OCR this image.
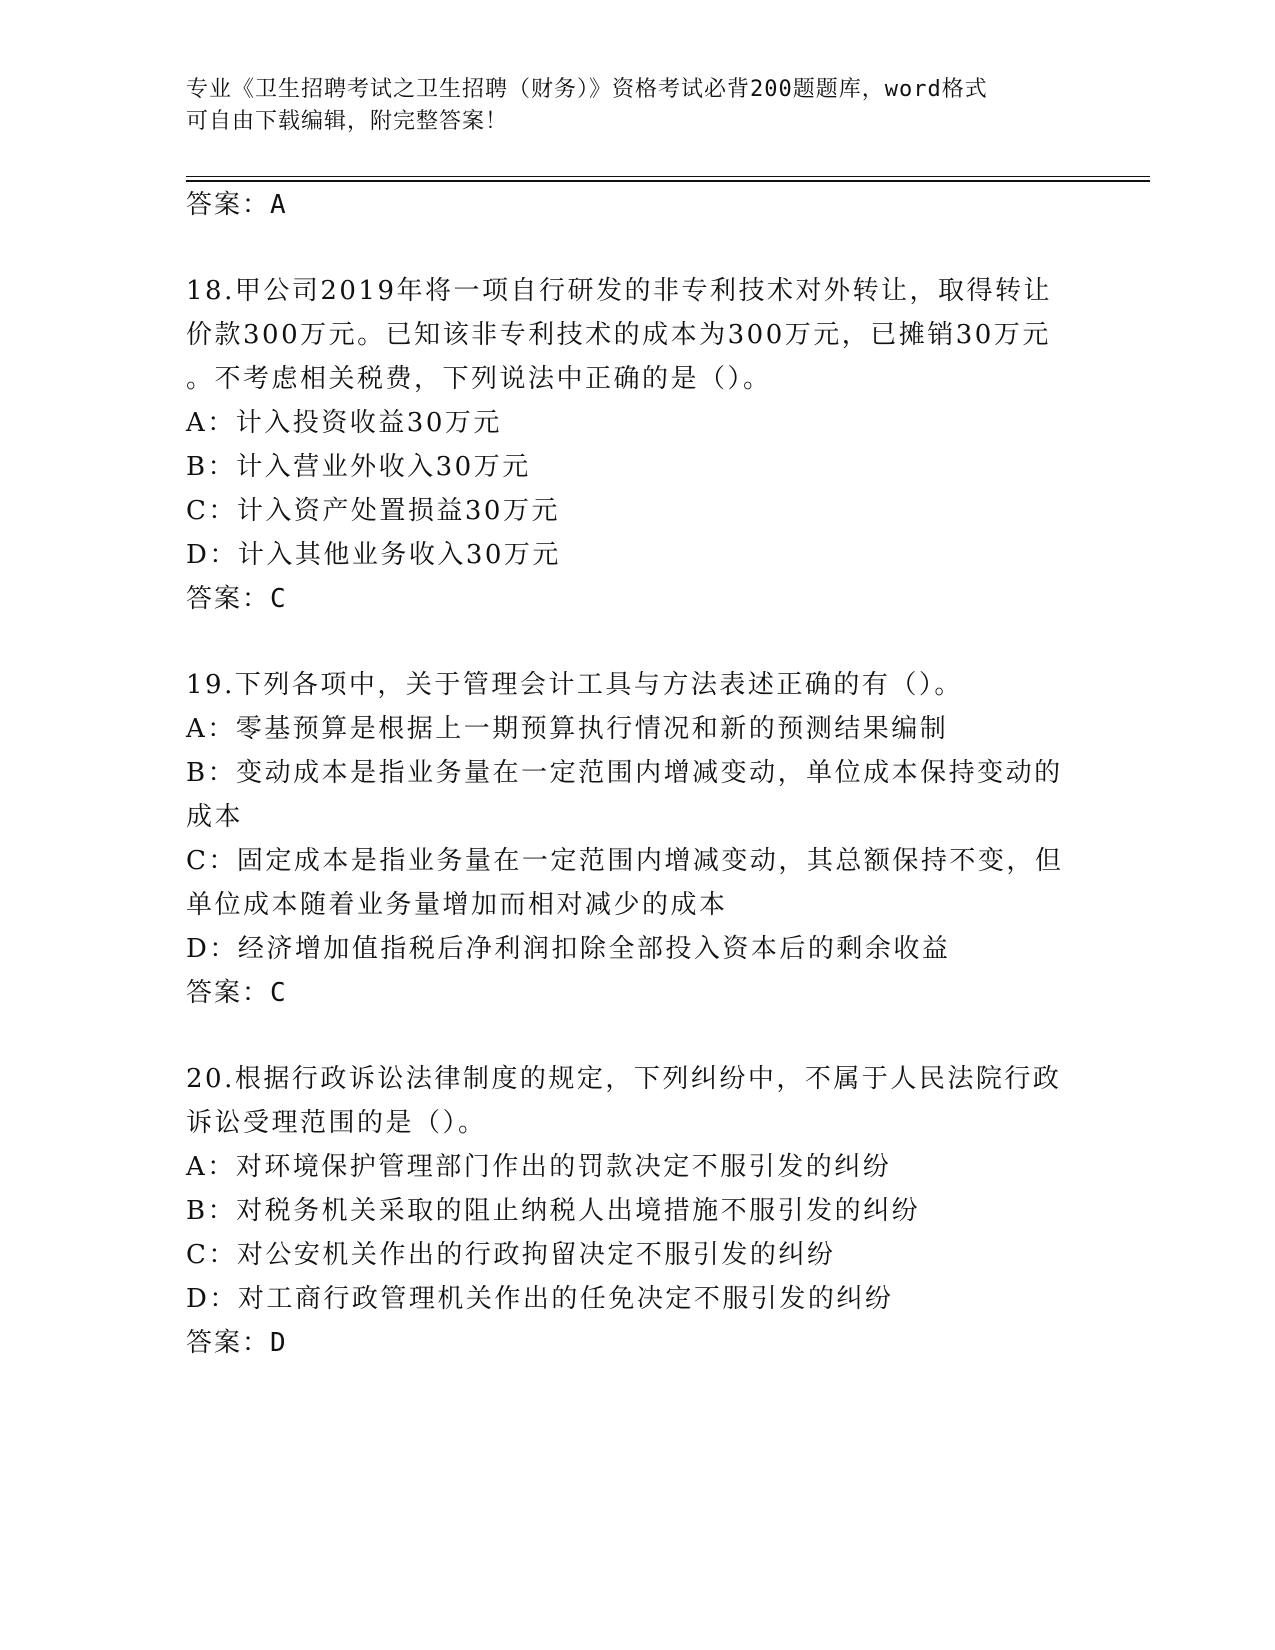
专业《卫生招聘考试之卫生招聘（财务）》资格考试必背200题题库，word格式
可自由下载编辑，附完整答案！
答案：A
18.甲公司2019年将一项自行研发的非专利技术对外转让，取得转让
价款300万元。已知该非专利技术的成本为300万元，已摊销30万元
。不考虑相关税费，下列说法中正确的是（）。
A：计入投资收益30万元
B：计入营业外收入30万元
C：计入资产处置损益30万元
D：计入其他业务收入30万元
答案：C
19.下列各项中，关于管理会计工具与方法表述正确的有（）。
A：零基预算是根据上一期预算执行情况和新的预测结果编制
B：变动成本是指业务量在一定范围内增减变动，单位成本保持变动的
成本
C：固定成本是指业务量在一定范围内增减变动，其总额保持不变，但
单位成本随着业务量增加而相对减少的成本
D：经济增加值指税后净利润扣除全部投入资本后的剩余收益
答案：C
20.根据行政诉讼法律制度的规定，下列纠纷中，不属于人民法院行政
诉讼受理范围的是（）。
A：对环境保护管理部门作出的罚款决定不服引发的纠纷
B：对税务机关采取的阻止纳税人出境措施不服引发的纠纷
C：对公安机关作出的行政拘留决定不服引发的纠纷
D：对工商行政管理机关作出的任免决定不服引发的纠纷
答案：D
